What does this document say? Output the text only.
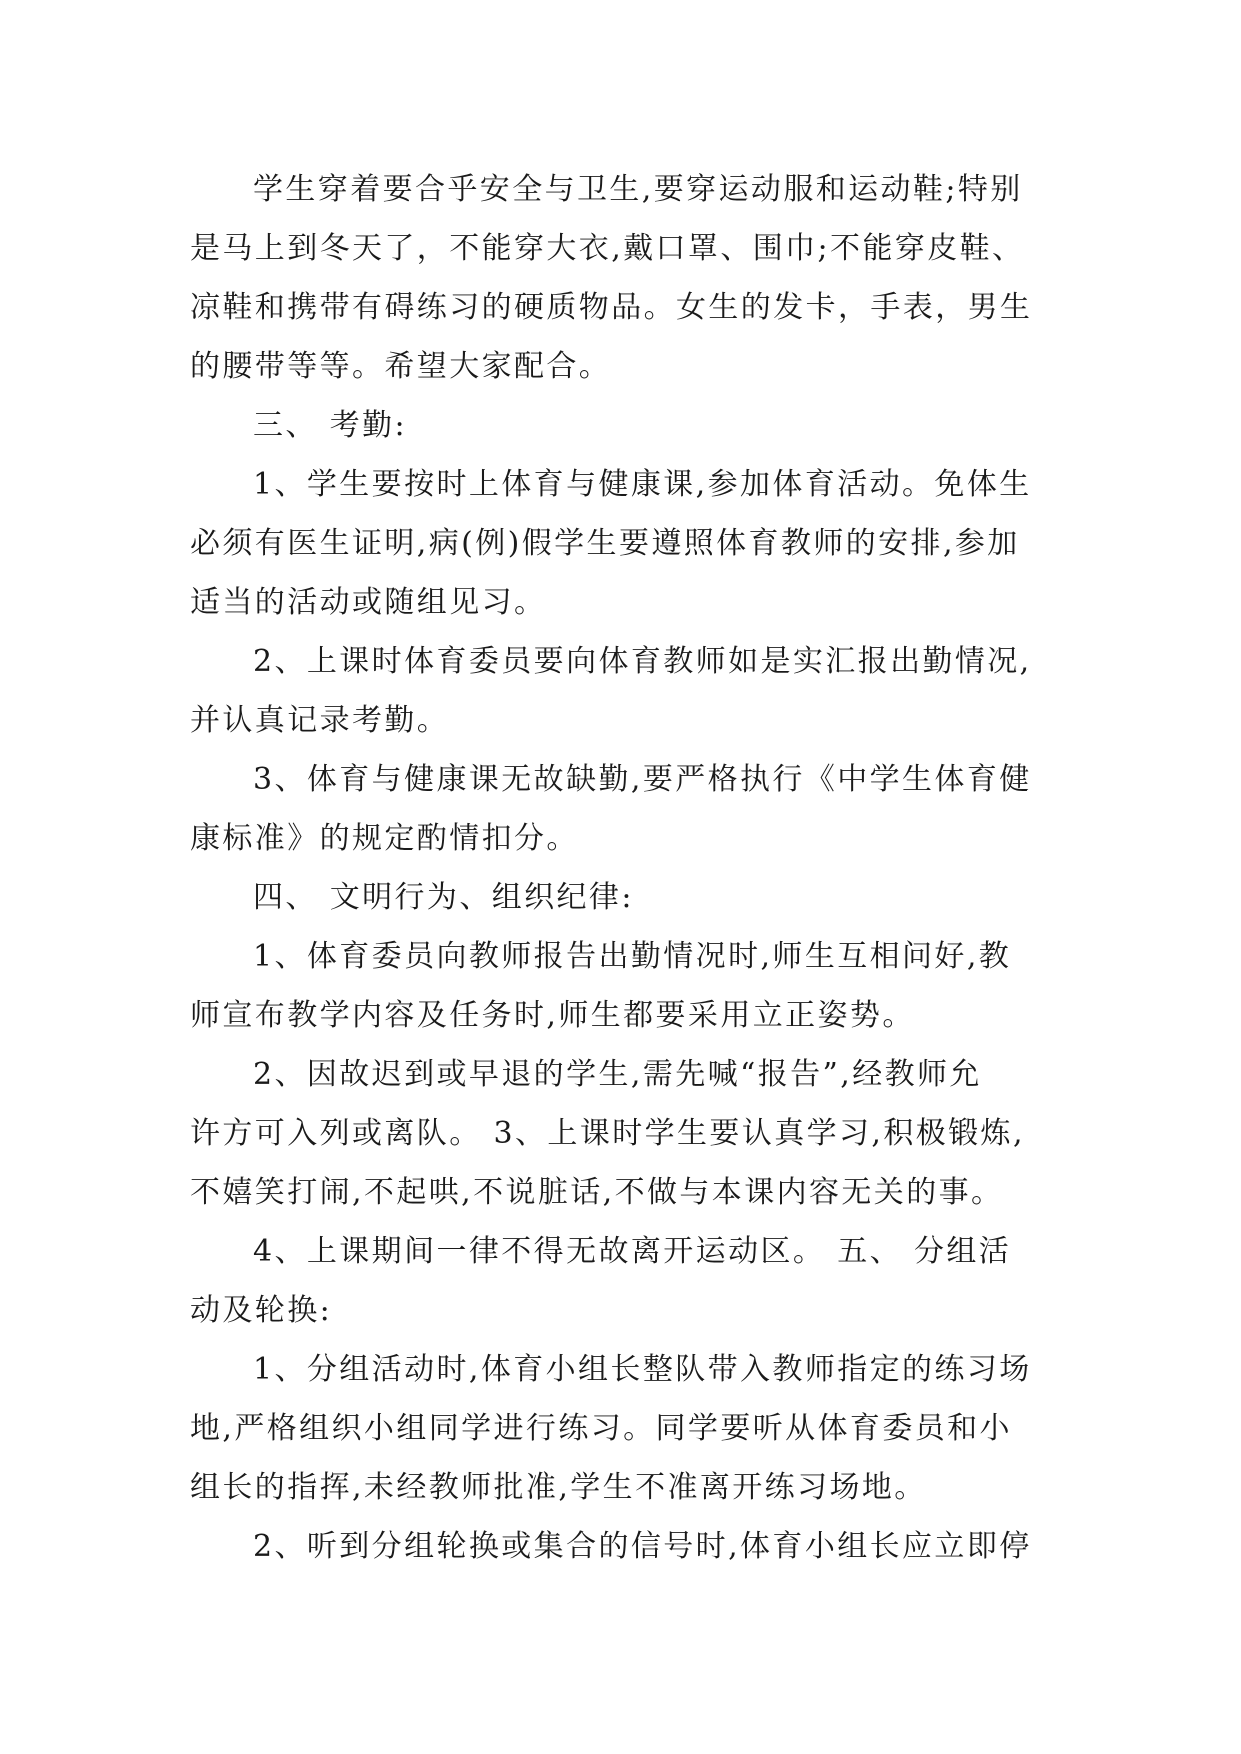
学生穿着要合乎安全与卫生,要穿运动服和运动鞋;特别
是马上到冬天了，不能穿大衣,戴口罩、围巾;不能穿皮鞋、
凉鞋和携带有碍练习的硬质物品。女生的发卡，手表，男生
的腰带等等。希望大家配合。
三、 考勤:
1、学生要按时上体育与健康课,参加体育活动。免体生
必须有医生证明,病(例)假学生要遵照体育教师的安排,参加
适当的活动或随组见习。
2、上课时体育委员要向体育教师如是实汇报出勤情况,
并认真记录考勤。
3、体育与健康课无故缺勤,要严格执行《中学生体育健
康标准》的规定酌情扣分。
四、 文明行为、组织纪律:
1、体育委员向教师报告出勤情况时,师生互相问好,教
师宣布教学内容及任务时,师生都要采用立正姿势。
2、因故迟到或早退的学生,需先喊“报告”,经教师允
许方可入列或离队。 3、上课时学生要认真学习,积极锻炼,
不嬉笑打闹,不起哄,不说脏话,不做与本课内容无关的事。
4、上课期间一律不得无故离开运动区。 五、 分组活
动及轮换:
1、分组活动时,体育小组长整队带入教师指定的练习场
地,严格组织小组同学进行练习。同学要听从体育委员和小
组长的指挥,未经教师批准,学生不准离开练习场地。
2、听到分组轮换或集合的信号时,体育小组长应立即停
